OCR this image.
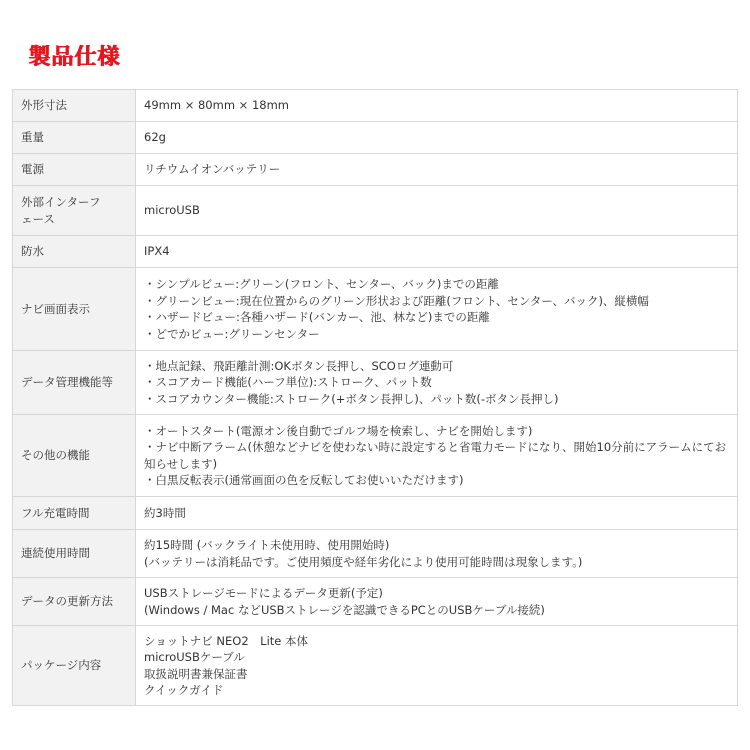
製品仕様
外形寸法	49mm × 80mm × 18mm

重量	62g

電源	リチウムイオンバッテリー

外部インターフェース	microUSB

防水	IPX4

ナビ画面表示	・シンプルビュー:グリーン(フロント、センター、バック)までの距離
・グリーンビュー:現在位置からのグリーン形状および距離(フロント、センター、バック)、縦横幅
・ハザードビュー:各種ハザード(バンカー、池、林など)までの距離
・どでかビュー:グリーンセンター

データ管理機能等	・地点記録、飛距離計測:OKボタン長押し、SCOログ連動可
・スコアカード機能(ハーフ単位):ストローク、パット数
・スコアカウンター機能:ストローク(+ボタン長押し)、パット数(-ボタン長押し)

その他の機能	・オートスタート(電源オン後自動でゴルフ場を検索し、ナビを開始します)
・ナビ中断アラーム(休憩などナビを使わない時に設定すると省電力モードになり、開始10分前にアラームにてお知らせします)
・白黒反転表示(通常画面の色を反転してお使いいただけます)

フル充電時間	約3時間

連続使用時間	約15時間 (バックライト未使用時、使用開始時)
(バッテリーは消耗品です。ご使用頻度や経年劣化により使用可能時間は現象します。)

データの更新方法	USBストレージモードによるデータ更新(予定)
(Windows / Mac などUSBストレージを認識できるPCとのUSBケーブル接続)

パッケージ内容	ショットナビ NEO2　Lite 本体
microUSBケーブル
取扱説明書兼保証書
クイックガイド
